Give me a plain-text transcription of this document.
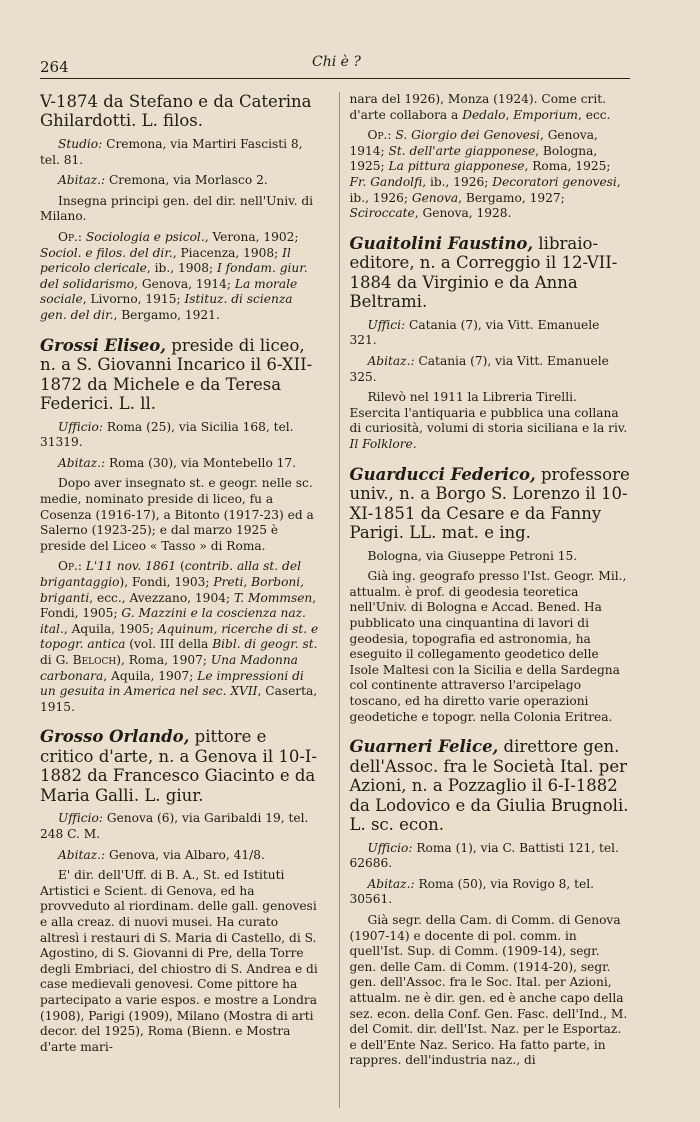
264	Chi è ?

V-1874 da Stefano e da Caterina Ghilardotti. L. filos.

Studio: Cremona, via Martiri Fascisti 8, tel. 81.

Abitaz.: Cremona, via Morlasco 2.

Insegna principi gen. del dir. nell'Univ. di Milano.

Op.: Sociologia e psicol., Verona, 1902; Sociol. e filos. del dir., Piacenza, 1908; Il pericolo clericale, ib., 1908; I fondam. giur. del solidarismo, Genova, 1914; La morale sociale, Livorno, 1915; Istituz. di scienza gen. del dir., Bergamo, 1921.

Grossi Eliseo, preside di liceo, n. a S. Giovanni Incarico il 6-XII-1872 da Michele e da Teresa Federici. L. ll.

Ufficio: Roma (25), via Sicilia 168, tel. 31319.

Abitaz.: Roma (30), via Montebello 17.

Dopo aver insegnato st. e geogr. nelle sc. medie, nominato preside di liceo, fu a Cosenza (1916-17), a Bitonto (1917-23) ed a Salerno (1923-25); e dal marzo 1925 è preside del Liceo « Tasso » di Roma.

Op.: L'11 nov. 1861 (contrib. alla st. del brigantaggio), Fondi, 1903; Preti, Borboni, briganti, ecc., Avezzano, 1904; T. Mommsen, Fondi, 1905; G. Mazzini e la coscienza naz. ital., Aquila, 1905; Aquinum, ricerche di st. e topogr. antica (vol. III della Bibl. di geogr. st. di G. Beloch), Roma, 1907; Una Madonna carbonara, Aquila, 1907; Le impressioni di un gesuita in America nel sec. XVII, Caserta, 1915.

Grosso Orlando, pittore e critico d'arte, n. a Genova il 10-I-1882 da Francesco Giacinto e da Maria Galli. L. giur.

Ufficio: Genova (6), via Garibaldi 19, tel. 248 C. M.

Abitaz.: Genova, via Albaro, 41/8.

E' dir. dell'Uff. di B. A., St. ed Istituti Artistici e Scient. di Genova, ed ha provveduto al riordinam. delle gall. genovesi e alla creaz. di nuovi musei. Ha curato altresì i restauri di S. Maria di Castello, di S. Agostino, di S. Giovanni di Pre, della Torre degli Embriaci, del chiostro di S. Andrea e di case medievali genovesi. Come pittore ha partecipato a varie espos. e mostre a Londra (1908), Parigi (1909), Milano (Mostra di arti decor. del 1925), Roma (Bienn. e Mostra d'arte mari-

nara del 1926), Monza (1924). Come crit. d'arte collabora a Dedalo, Emporium, ecc.

Op.: S. Giorgio dei Genovesi, Genova, 1914; St. dell'arte giapponese, Bologna, 1925; La pittura giapponese, Roma, 1925; Fr. Gandolfi, ib., 1926; Decoratori genovesi, ib., 1926; Genova, Bergamo, 1927; Sciroccate, Genova, 1928.

Guaitolini Faustino, libraio-editore, n. a Correggio il 12-VII-1884 da Virginio e da Anna Beltrami.

Uffici: Catania (7), via Vitt. Emanuele 321.

Abitaz.: Catania (7), via Vitt. Emanuele 325.

Rilevò nel 1911 la Libreria Tirelli. Esercita l'antiquaria e pubblica una collana di curiosità, volumi di storia siciliana e la riv. Il Folklore.

Guarducci Federico, professore univ., n. a Borgo S. Lorenzo il 10-XI-1851 da Cesare e da Fanny Parigi. LL. mat. e ing.

Bologna, via Giuseppe Petroni 15.

Già ing. geografo presso l'Ist. Geogr. Mil., attualm. è prof. di geodesia teoretica nell'Univ. di Bologna e Accad. Bened. Ha pubblicato una cinquantina di lavori di geodesia, topografia ed astronomia, ha eseguito il collegamento geodetico delle Isole Maltesi con la Sicilia e della Sardegna col continente attraverso l'arcipelago toscano, ed ha diretto varie operazioni geodetiche e topogr. nella Colonia Eritrea.

Guarneri Felice, direttore gen. dell'Assoc. fra le Società Ital. per Azioni, n. a Pozzaglio il 6-I-1882 da Lodovico e da Giulia Brugnoli. L. sc. econ.

Ufficio: Roma (1), via C. Battisti 121, tel. 62686.

Abitaz.: Roma (50), via Rovigo 8, tel. 30561.

Già segr. della Cam. di Comm. di Genova (1907-14) e docente di pol. comm. in quell'Ist. Sup. di Comm. (1909-14), segr. gen. delle Cam. di Comm. (1914-20), segr. gen. dell'Assoc. fra le Soc. Ital. per Azioni, attualm. ne è dir. gen. ed è anche capo della sez. econ. della Conf. Gen. Fasc. dell'Ind., M. del Comit. dir. dell'Ist. Naz. per le Esportaz. e dell'Ente Naz. Serico. Ha fatto parte, in rappres. dell'industria naz., di
